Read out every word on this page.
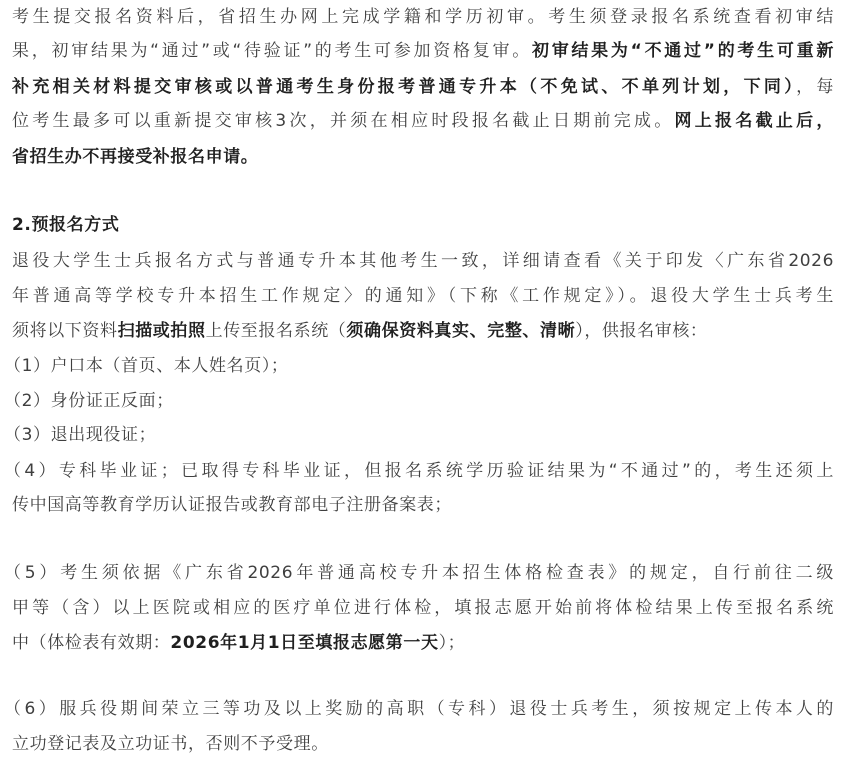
考生提交报名资料后，省招生办网上完成学籍和学历初审。考生须登录报名系统查看初审结
果，初审结果为“通过”或“待验证”的考生可参加资格复审。初审结果为“不通过”的考生可重新
补充相关材料提交审核或以普通考生身份报考普通专升本（不免试、不单列计划，下同），每
位考生最多可以重新提交审核3次，并须在相应时段报名截止日期前完成。网上报名截止后，
省招生办不再接受补报名申请。
2.预报名方式
退役大学生士兵报名方式与普通专升本其他考生一致，详细请查看《关于印发〈广东省2026
年普通高等学校专升本招生工作规定〉的通知》（下称《工作规定》）。退役大学生士兵考生
须将以下资料扫描或拍照上传至报名系统（须确保资料真实、完整、清晰），供报名审核：
（1）户口本（首页、本人姓名页）；
（2）身份证正反面；
（3）退出现役证；
（4）专科毕业证；已取得专科毕业证，但报名系统学历验证结果为“不通过”的，考生还须上
传中国高等教育学历认证报告或教育部电子注册备案表；
（5）考生须依据《广东省2026年普通高校专升本招生体格检查表》的规定，自行前往二级
甲等（含）以上医院或相应的医疗单位进行体检，填报志愿开始前将体检结果上传至报名系统
中（体检表有效期：2026年1月1日至填报志愿第一天）；
（6）服兵役期间荣立三等功及以上奖励的高职（专科）退役士兵考生，须按规定上传本人的
立功登记表及立功证书，否则不予受理。
